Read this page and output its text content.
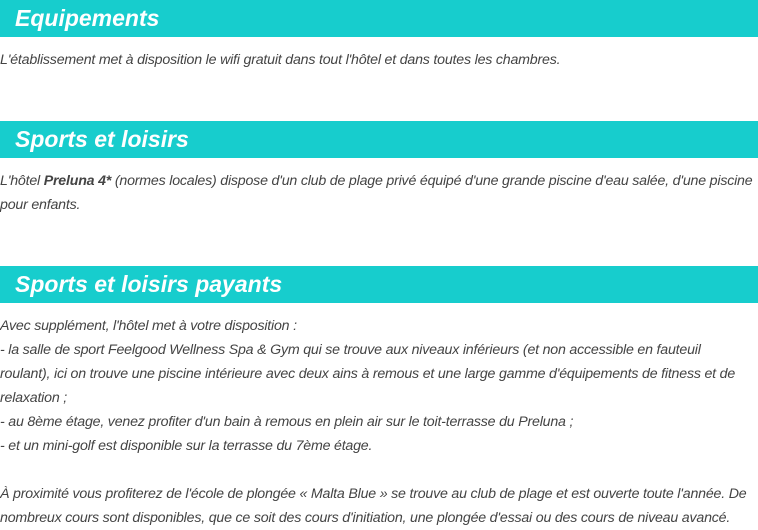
Equipements
L'établissement met à disposition le wifi gratuit dans tout l'hôtel et dans toutes les chambres.
Sports et loisirs
L'hôtel Preluna 4* (normes locales) dispose d'un club de plage privé équipé d'une grande piscine d'eau salée, d'une piscine
pour enfants.
Sports et loisirs payants
Avec supplément, l'hôtel met à votre disposition :
- la salle de sport Feelgood Wellness Spa & Gym qui se trouve aux niveaux inférieurs (et non accessible en fauteuil
roulant), ici on trouve une piscine intérieure avec deux ains à remous et une large gamme d'équipements de fitness et de
relaxation ;
- au 8ème étage, venez profiter d'un bain à remous en plein air sur le toit-terrasse du Preluna ;
- et un mini-golf est disponible sur la terrasse du 7ème étage.
À proximité vous profiterez de l'école de plongée « Malta Blue » se trouve au club de plage et est ouverte toute l'année. De
nombreux cours sont disponibles, que ce soit des cours d'initiation, une plongée d'essai ou des cours de niveau avancé.
